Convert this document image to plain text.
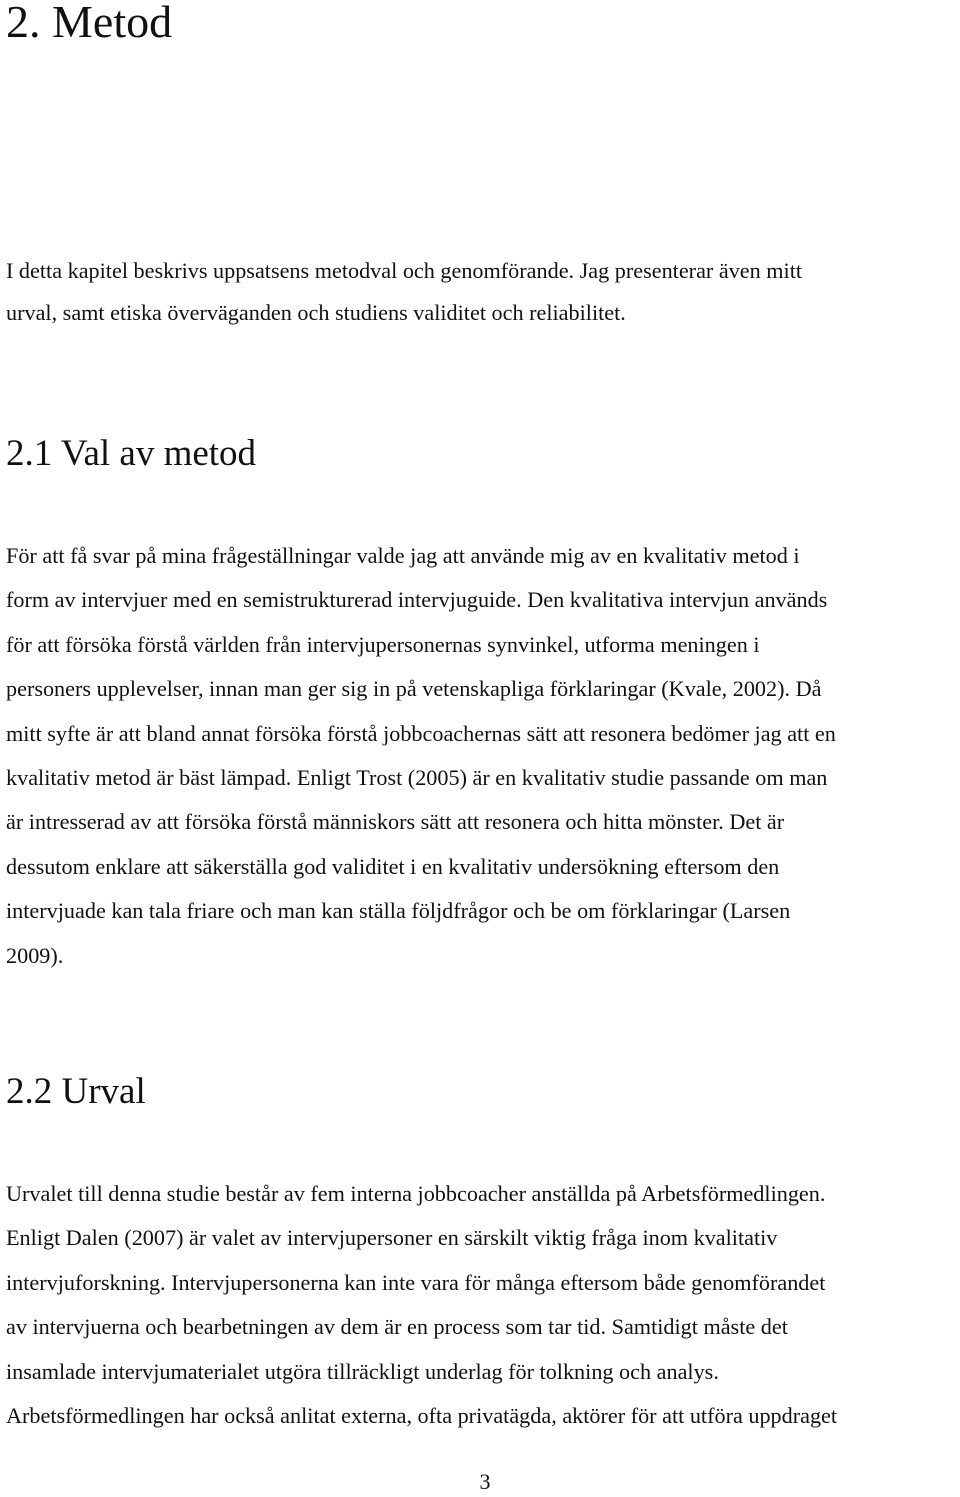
2. Metod
I detta kapitel beskrivs uppsatsens metodval och genomförande. Jag presenterar även mitt
urval, samt etiska överväganden och studiens validitet och reliabilitet.
2.1 Val av metod
För att få svar på mina frågeställningar valde jag att använde mig av en kvalitativ metod i
form av intervjuer med en semistrukturerad intervjuguide. Den kvalitativa intervjun används
för att försöka förstå världen från intervjupersonernas synvinkel, utforma meningen i
personers upplevelser, innan man ger sig in på vetenskapliga förklaringar (Kvale, 2002). Då
mitt syfte är att bland annat försöka förstå jobbcoachernas sätt att resonera bedömer jag att en
kvalitativ metod är bäst lämpad. Enligt Trost (2005) är en kvalitativ studie passande om man
är intresserad av att försöka förstå människors sätt att resonera och hitta mönster. Det är
dessutom enklare att säkerställa god validitet i en kvalitativ undersökning eftersom den
intervjuade kan tala friare och man kan ställa följdfrågor och be om förklaringar (Larsen
2009).
2.2 Urval
Urvalet till denna studie består av fem interna jobbcoacher anställda på Arbetsförmedlingen.
Enligt Dalen (2007) är valet av intervjupersoner en särskilt viktig fråga inom kvalitativ
intervjuforskning. Intervjupersonerna kan inte vara för många eftersom både genomförandet
av intervjuerna och bearbetningen av dem är en process som tar tid. Samtidigt måste det
insamlade intervjumaterialet utgöra tillräckligt underlag för tolkning och analys.
Arbetsförmedlingen har också anlitat externa, ofta privatägda, aktörer för att utföra uppdraget
3
